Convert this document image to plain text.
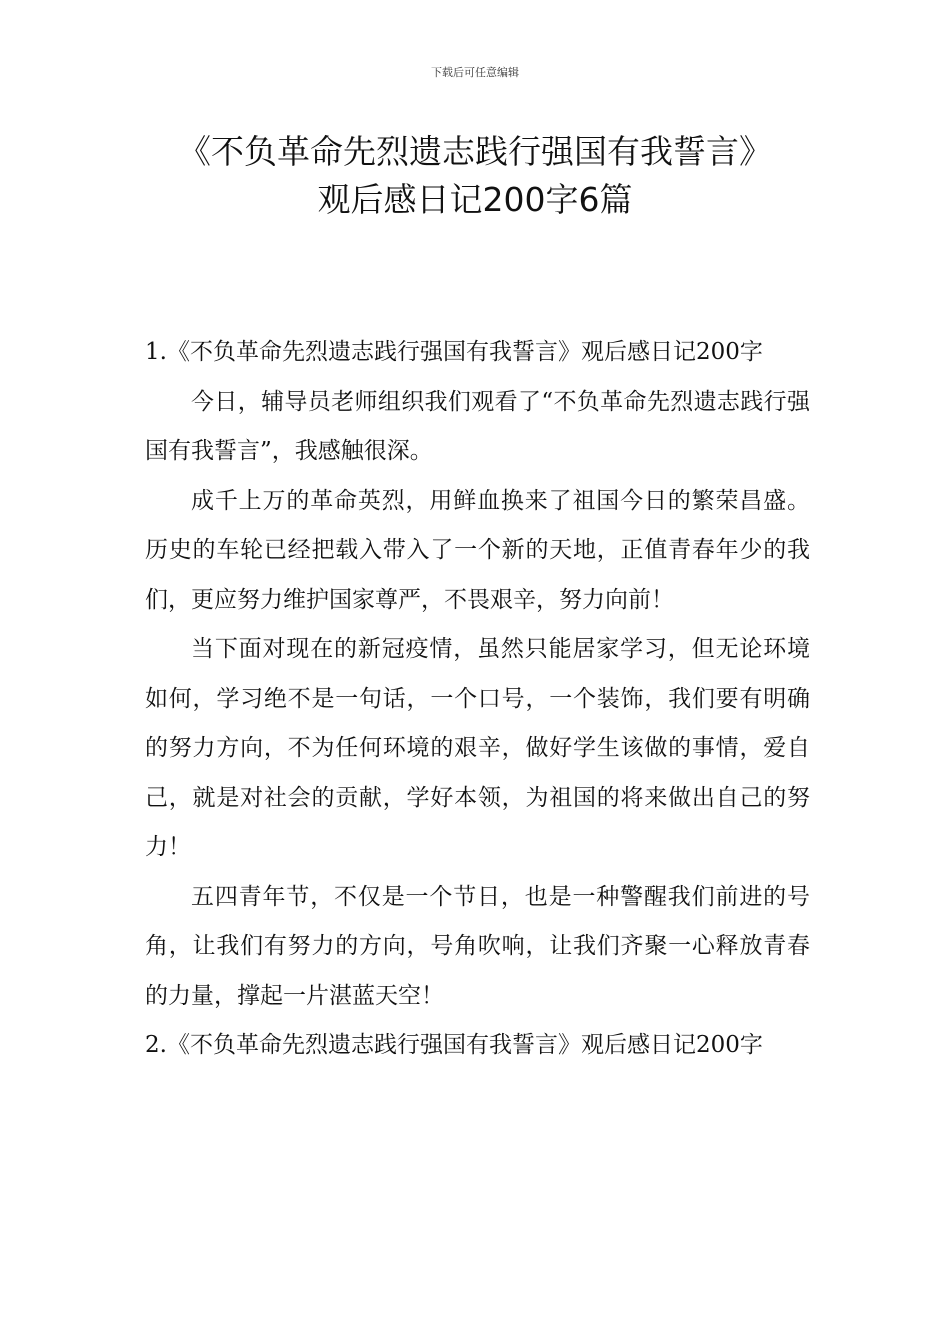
下载后可任意编辑
《不负革命先烈遗志践行强国有我誓言》
观后感日记200字6篇

1.《不负革命先烈遗志践行强国有我誓言》观后感日记200字

今日，辅导员老师组织我们观看了“不负革命先烈遗志践行强国有我誓言”，我感触很深。

成千上万的革命英烈，用鲜血换来了祖国今日的繁荣昌盛。历史的车轮已经把载入带入了一个新的天地，正值青春年少的我们，更应努力维护国家尊严，不畏艰辛，努力向前！

当下面对现在的新冠疫情，虽然只能居家学习，但无论环境如何，学习绝不是一句话，一个口号，一个装饰，我们要有明确的努力方向，不为任何环境的艰辛，做好学生该做的事情，爱自己，就是对社会的贡献，学好本领，为祖国的将来做出自己的努力！

五四青年节，不仅是一个节日，也是一种警醒我们前进的号角，让我们有努力的方向，号角吹响，让我们齐聚一心释放青春的力量，撑起一片湛蓝天空！

2.《不负革命先烈遗志践行强国有我誓言》观后感日记200字
